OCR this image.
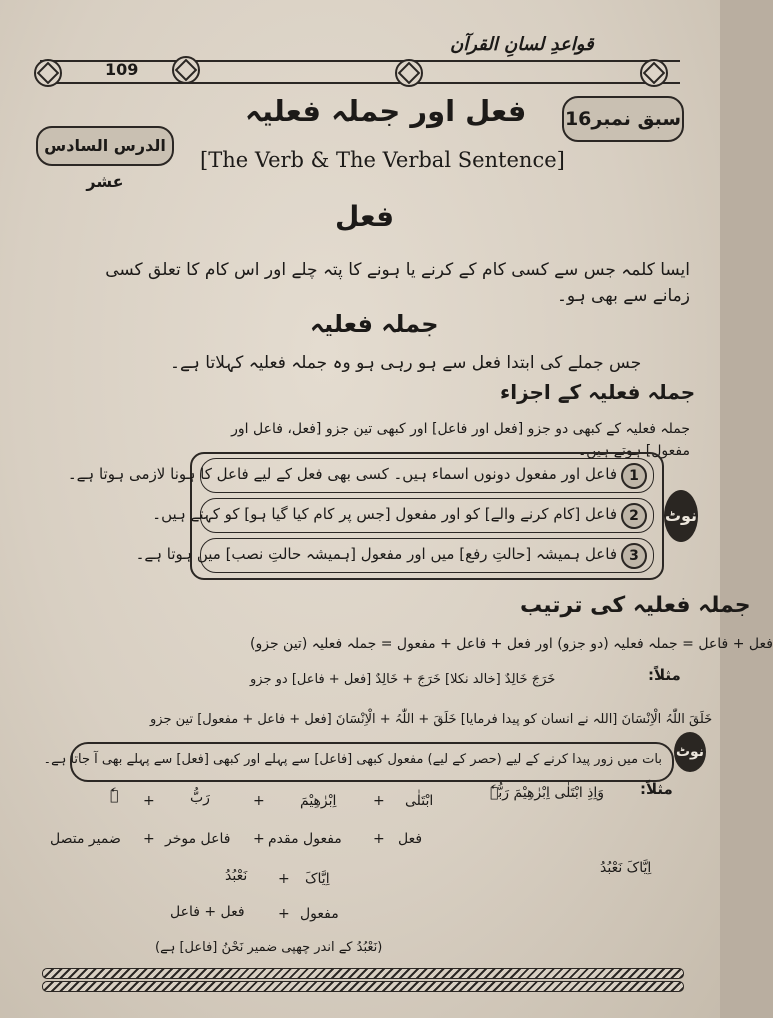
109
قواعدِ لسانِ القرآن
سبق نمبر16
الدرس السادس عشر
فعل اور جملہ فعلیہ
[The Verb & The Verbal Sentence]
فعل
ایسا کلمہ جس سے کسی کام کے کرنے یا ہونے کا پتہ چلے اور اس کام کا تعلق کسی زمانے سے بھی ہو۔
جملہ فعلیہ
جس جملے کی ابتدا فعل سے ہو رہی ہو وہ جملہ فعلیہ کہلاتا ہے۔
جملہ فعلیہ کے اجزاء
جملہ فعلیہ کے کبھی دو جزو [فعل اور فاعل] اور کبھی تین جزو [فعل، فاعل اور مفعول] ہوتے ہیں۔
1
فاعل اور مفعول دونوں اسماء ہیں۔ کسی بھی فعل کے لیے فاعل کا ہونا لازمی ہوتا ہے۔
2
فاعل [کام کرنے والے] کو اور مفعول [جس پر کام کیا گیا ہو] کو کہتے ہیں۔
3
فاعل ہمیشہ [حالتِ رفع] میں اور مفعول [ہمیشہ حالتِ نصب] میں ہوتا ہے۔
نوٹ
جملہ فعلیہ کی ترتیب
فعل + فاعل = جملہ فعلیہ (دو جزو) اور فعل + فاعل + مفعول = جملہ فعلیہ (تین جزو)
مثلاً:
خَرَجَ خَالِدٌ [خالد نکلا] خَرَجَ + خَالِدٌ [فعل + فاعل] دو جزو
خَلَقَ اللّٰہُ الْاِنْسَانَ [اللہ نے انسان کو پیدا فرمایا] خَلَقَ + اللّٰہُ + الْاِنْسَانَ [فعل + فاعل + مفعول] تین جزو
بات میں زور پیدا کرنے کے لیے (حصر کے لیے) مفعول کبھی [فاعل] سے پہلے اور کبھی [فعل] سے پہلے بھی آ جاتا ہے۔ نوٹ
مثلاً:
وَاِذِ ابْتَلٰی اِبْرٰھِیْمَ رَبُّہٗ
اِبْرٰھِیْمَ	ابْتَلٰی
رَبُّ
ہٗ	+
+
+
فعل
+
مفعول مقدم
+
فاعل موخر
+
ضمیر متصل
اِیَّاکَ نَعْبُدُ
اِیَّاکَ
+
نَعْبُدُ
مفعول
+
فعل + فاعل
(نَعْبُدُ کے اندر چھپی ضمیر نَحْنُ [فاعل] ہے)
